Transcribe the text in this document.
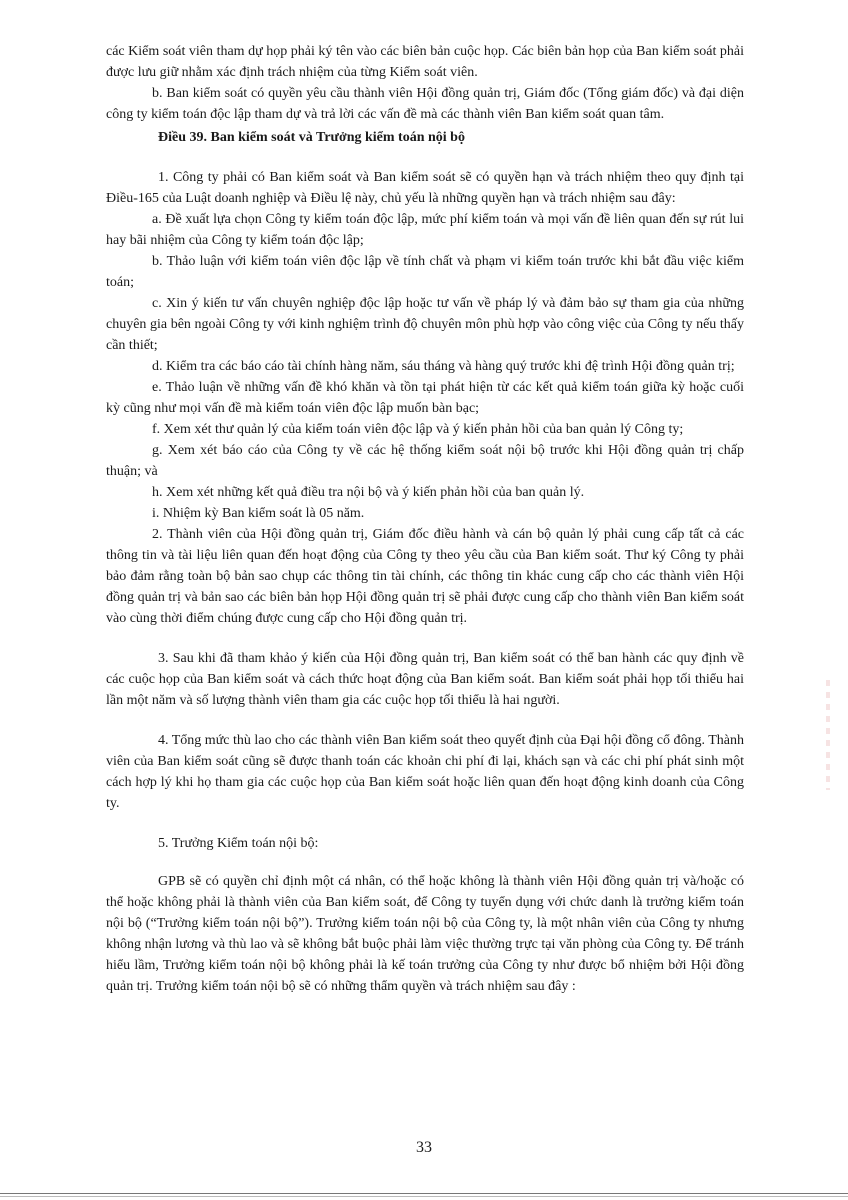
các Kiểm soát viên tham dự họp phải ký tên vào các biên bản cuộc họp. Các biên bản họp của Ban kiểm soát phải được lưu giữ nhằm xác định trách nhiệm của từng Kiểm soát viên.

b. Ban kiểm soát có quyền yêu cầu thành viên Hội đồng quản trị, Giám đốc (Tổng giám đốc) và đại diện công ty kiểm toán độc lập tham dự và trả lời các vấn đề mà các thành viên Ban kiểm soát quan tâm.

Điều 39. Ban kiểm soát và Trưởng kiểm toán nội bộ

1. Công ty phải có Ban kiểm soát và Ban kiểm soát sẽ có quyền hạn và trách nhiệm theo quy định tại Điều-165 của Luật doanh nghiệp và Điều lệ này, chủ yếu là những quyền hạn và trách nhiệm sau đây:

a. Đề xuất lựa chọn Công ty kiểm toán độc lập, mức phí kiểm toán và mọi vấn đề liên quan đến sự rút lui hay bãi nhiệm của Công ty kiểm toán độc lập;

b. Thảo luận với kiểm toán viên độc lập về tính chất và phạm vi kiểm toán trước khi bắt đầu việc kiểm toán;

c. Xin ý kiến tư vấn chuyên nghiệp độc lập hoặc tư vấn về pháp lý và đảm bảo sự tham gia của những chuyên gia bên ngoài Công ty với kinh nghiệm trình độ chuyên môn phù hợp vào công việc của Công ty nếu thấy cần thiết;

d. Kiểm tra các báo cáo tài chính hàng năm, sáu tháng và hàng quý trước khi đệ trình Hội đồng quản trị;

e. Thảo luận về những vấn đề khó khăn và tồn tại phát hiện từ các kết quả kiểm toán giữa kỳ hoặc cuối kỳ cũng như mọi vấn đề mà kiểm toán viên độc lập muốn bàn bạc;

f. Xem xét thư quản lý của kiểm toán viên độc lập và ý kiến phản hồi của ban quản lý Công ty;

g. Xem xét báo cáo của Công ty về các hệ thống kiểm soát nội bộ trước khi Hội đồng quản trị chấp thuận; và

h. Xem xét những kết quả điều tra nội bộ và ý kiến phản hồi của ban quản lý.

i. Nhiệm kỳ Ban kiểm soát là 05 năm.

2. Thành viên của Hội đồng quản trị, Giám đốc điều hành và cán bộ quản lý phải cung cấp tất cả các thông tin và tài liệu liên quan đến hoạt động của Công ty theo yêu cầu của Ban kiểm soát. Thư ký Công ty phải bảo đảm rằng toàn bộ bản sao chụp các thông tin tài chính, các thông tin khác cung cấp cho các thành viên Hội đồng quản trị và bản sao các biên bản họp Hội đồng quản trị sẽ phải được cung cấp cho thành viên Ban kiểm soát vào cùng thời điểm chúng được cung cấp cho Hội đồng quản trị.

3. Sau khi đã tham khảo ý kiến của Hội đồng quản trị, Ban kiểm soát có thể ban hành các quy định về các cuộc họp của Ban kiểm soát và cách thức hoạt động của Ban kiểm soát. Ban kiểm soát phải họp tối thiểu hai lần một năm và số lượng thành viên tham gia các cuộc họp tối thiểu là hai người.

4. Tổng mức thù lao cho các thành viên Ban kiểm soát theo quyết định của Đại hội đồng cổ đông. Thành viên của Ban kiểm soát cũng sẽ được thanh toán các khoản chi phí đi lại, khách sạn và các chi phí phát sinh một cách hợp lý khi họ tham gia các cuộc họp của Ban kiểm soát hoặc liên quan đến hoạt động kinh doanh của Công ty.

5. Trưởng Kiểm toán nội bộ:

GPB sẽ có quyền chỉ định một cá nhân, có thể hoặc không là thành viên Hội đồng quản trị và/hoặc có thể hoặc không phải là thành viên của Ban kiểm soát, để Công ty tuyển dụng với chức danh là trưởng kiểm toán nội bộ (“Trưởng kiểm toán nội bộ”). Trưởng kiểm toán nội bộ của Công ty, là một nhân viên của Công ty nhưng không nhận lương và thù lao và sẽ không bắt buộc phải làm việc thường trực tại văn phòng của Công ty. Để tránh hiểu lầm, Trưởng kiểm toán nội bộ không phải là kế toán trưởng của Công ty như được bổ nhiệm bởi Hội đồng quản trị. Trưởng kiểm toán nội bộ sẽ có những thẩm quyền và trách nhiệm sau đây :

33
